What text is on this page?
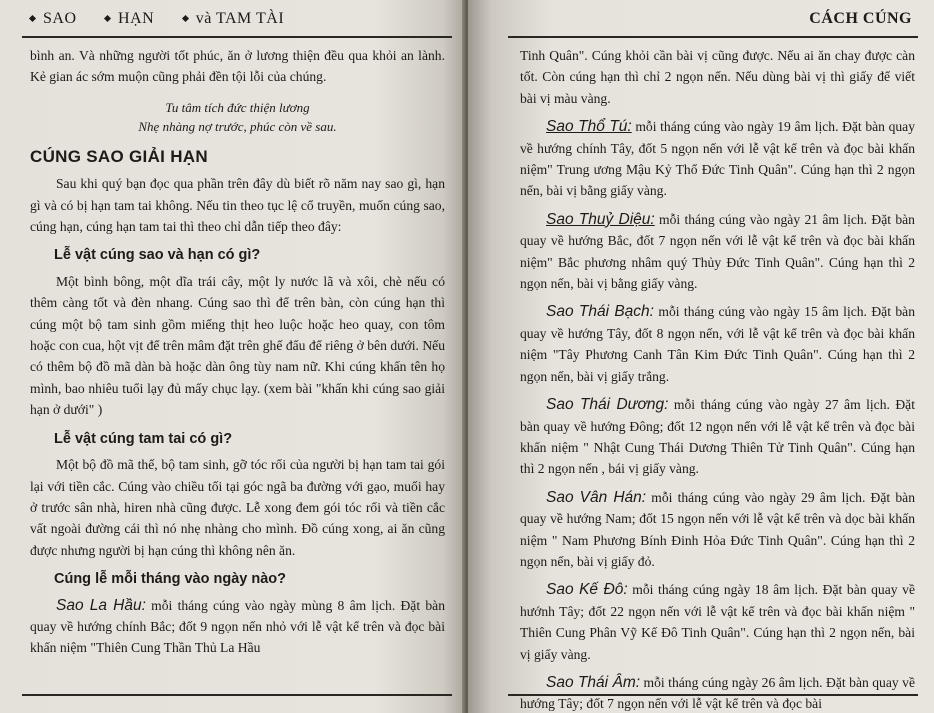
SAO	HẠN	và TAM TÀI

bình an. Và những người tốt phúc, ăn ở lương thiện đều qua khỏi an lành. Kẻ gian ác sớm muộn cũng phải đền tội lỗi của chúng.

Tu tâm tích đức thiện lương
Nhẹ nhàng nợ trước, phúc còn về sau.
CÚNG SAO GIẢI HẠN

Sau khi quý bạn đọc qua phần trên đây dù biết rõ năm nay sao gì, hạn gì và có bị hạn tam tai không. Nếu tin theo tục lệ cổ truyền, muốn cúng sao, cúng hạn, cúng hạn tam tai thì theo chỉ dẫn tiếp theo đây:

Lễ vật cúng sao và hạn có gì?

Một bình bông, một dĩa trái cây, một ly nước lã và xôi, chè nếu có thêm càng tốt và đèn nhang. Cúng sao thì để trên bàn, còn cúng hạn thì cúng một bộ tam sinh gồm miếng thịt heo luộc hoặc heo quay, con tôm hoặc con cua, hột vịt để trên mâm đặt trên ghế đẩu để riêng ở bên dưới. Nếu có thêm bộ đồ mã dàn bà hoặc dàn ông tùy nam nữ. Khi cúng khấn tên họ mình, bao nhiêu tuổi lạy đủ mấy chục lạy. (xem bài "khấn khi cúng sao giải hạn ở dưới" )

Lễ vật cúng tam tai có gì?

Một bộ đồ mã thế, bộ tam sinh, gỡ tóc rối của người bị hạn tam tai gói lại với tiền cắc. Cúng vào chiều tối tại góc ngã ba đường với gạo, muối hay ở trước sân nhà, hiren nhà cũng được. Lễ xong đem gói tóc rối và tiền cắc vất ngoài đường cái thì nó nhẹ nhàng cho mình. Đồ cúng xong, ai ăn cũng được nhưng người bị hạn cúng thì không nên ăn.

Cúng lễ mỗi tháng vào ngày nào?

Sao La Hầu: mỗi tháng cúng vào ngày mùng 8 âm lịch. Đặt bàn quay về hướng chính Bắc; đốt 9 ngọn nến nhỏ với lễ vật kể trên và đọc bài khấn niệm "Thiên Cung Thần Thủ La Hầu

CÁCH CÚNG

Tinh Quân". Cúng khỏi cần bài vị cũng được. Nếu ai ăn chay được càn tốt. Còn cúng hạn thì chỉ 2 ngọn nến. Nếu dùng bài vị thì giấy để viết bài vị màu vàng.

Sao Thổ Tú: mỗi tháng cúng vào ngày 19 âm lịch. Đặt bàn quay về hướng chính Tây, đốt 5 ngọn nến với lễ vật kể trên và đọc bài khấn niệm" Trung ương Mậu Kỷ Thổ Đức Tinh Quân". Cúng hạn thì 2 ngọn nến, bài vị bằng giấy vàng.

Sao Thuỷ Diệu: mỗi tháng cúng vào ngày 21 âm lịch. Đặt bàn quay về hướng Bắc, đốt 7 ngọn nến với lễ vật kể trên và đọc bài khấn niệm" Bắc phương nhâm quý Thủy Đức Tinh Quân". Cúng hạn thì 2 ngọn nến, bài vị bằng giấy vàng.

Sao Thái Bạch: mỗi tháng cúng vào ngày 15 âm lịch. Đặt bàn quay về hướng Tây, đốt 8 ngọn nến, với lễ vật kể trên và đọc bài khấn niệm "Tây Phương Canh Tân Kim Đức Tinh Quân". Cúng hạn thì 2 ngọn nến, bài vị giấy trắng.

Sao Thái Dương: mỗi tháng cúng vào ngày 27 âm lịch. Đặt bàn quay về hướng Đông; đốt 12 ngọn nến với lễ vật kể trên và đọc bài khấn niệm " Nhật Cung Thái Dương Thiên Tử Tinh Quân". Cúng hạn thì 2 ngọn nến , bái vị giấy vàng.

Sao Vân Hán: mỗi tháng cúng vào ngày 29 âm lịch. Đặt bàn quay về hướng Nam; đốt 15 ngọn nến với lễ vật kể trên và dọc bài khấn niệm " Nam Phương Bính Đinh Hỏa Đức Tinh Quân". Cúng hạn thì 2 ngọn nến, bài vị giấy đỏ.

Sao Kế Đô: mỗi tháng cúng ngày 18 âm lịch. Đặt bàn quay về hướnh Tây; đốt 22 ngọn nến với lễ vật kể trên và đọc bài khấn niệm " Thiên Cung Phân Vỹ Kế Đô Tinh Quân". Cúng hạn thì 2 ngọn nến, bài vị giấy vàng.

Sao Thái Âm: mỗi tháng cúng ngày 26 âm lịch. Đặt bàn quay về hướng Tây; đốt 7 ngọn nến với lễ vật kể trên và đọc bài
